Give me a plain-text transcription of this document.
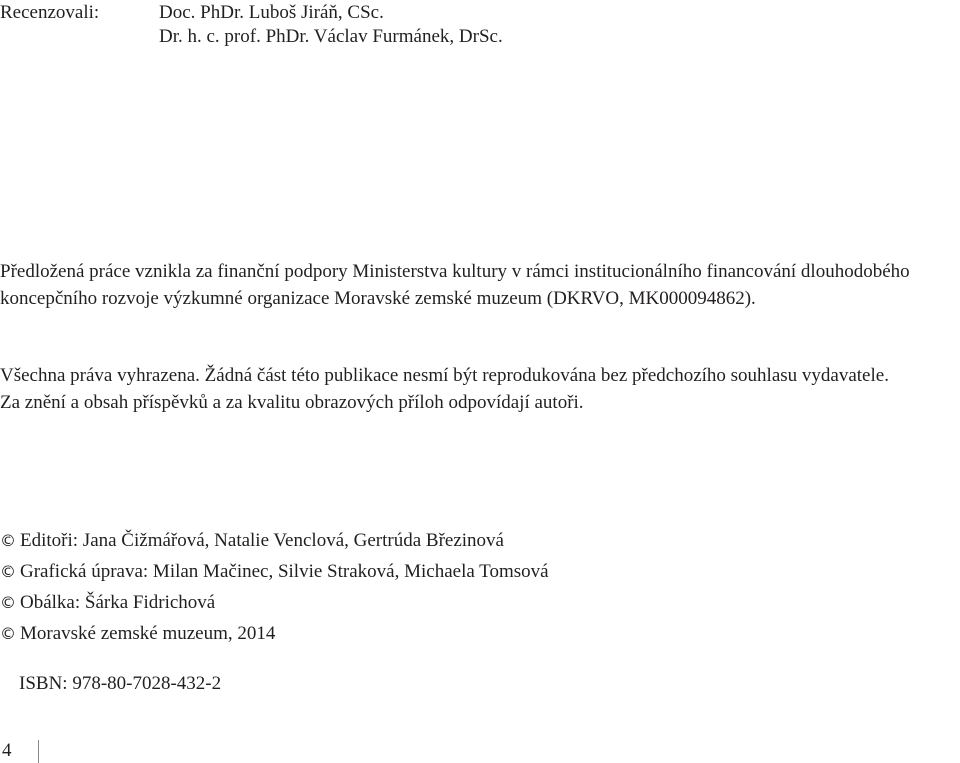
Recenzovali:	Doc. PhDr. Luboš Jiráň, CSc.
Dr. h. c. prof. PhDr. Václav Furmánek, DrSc.
Předložená práce vznikla za finanční podpory Ministerstva kultury v rámci institucionálního financování dlouhodobého
koncepčního rozvoje výzkumné organizace Moravské zemské muzeum (DKRVO, MK000094862).
Všechna práva vyhrazena. Žádná část této publikace nesmí být reprodukována bez předchozího souhlasu vydavatele.
Za znění a obsah příspěvků a za kvalitu obrazových příloh odpovídají autoři.
© Editoři: Jana Čižmářová, Natalie Venclová, Gertrúda Březinová
© Grafická úprava: Milan Mačinec, Silvie Straková, Michaela Tomsová
© Obálka: Šárka Fidrichová
© Moravské zemské muzeum, 2014
ISBN: 978-80-7028-432-2
4
